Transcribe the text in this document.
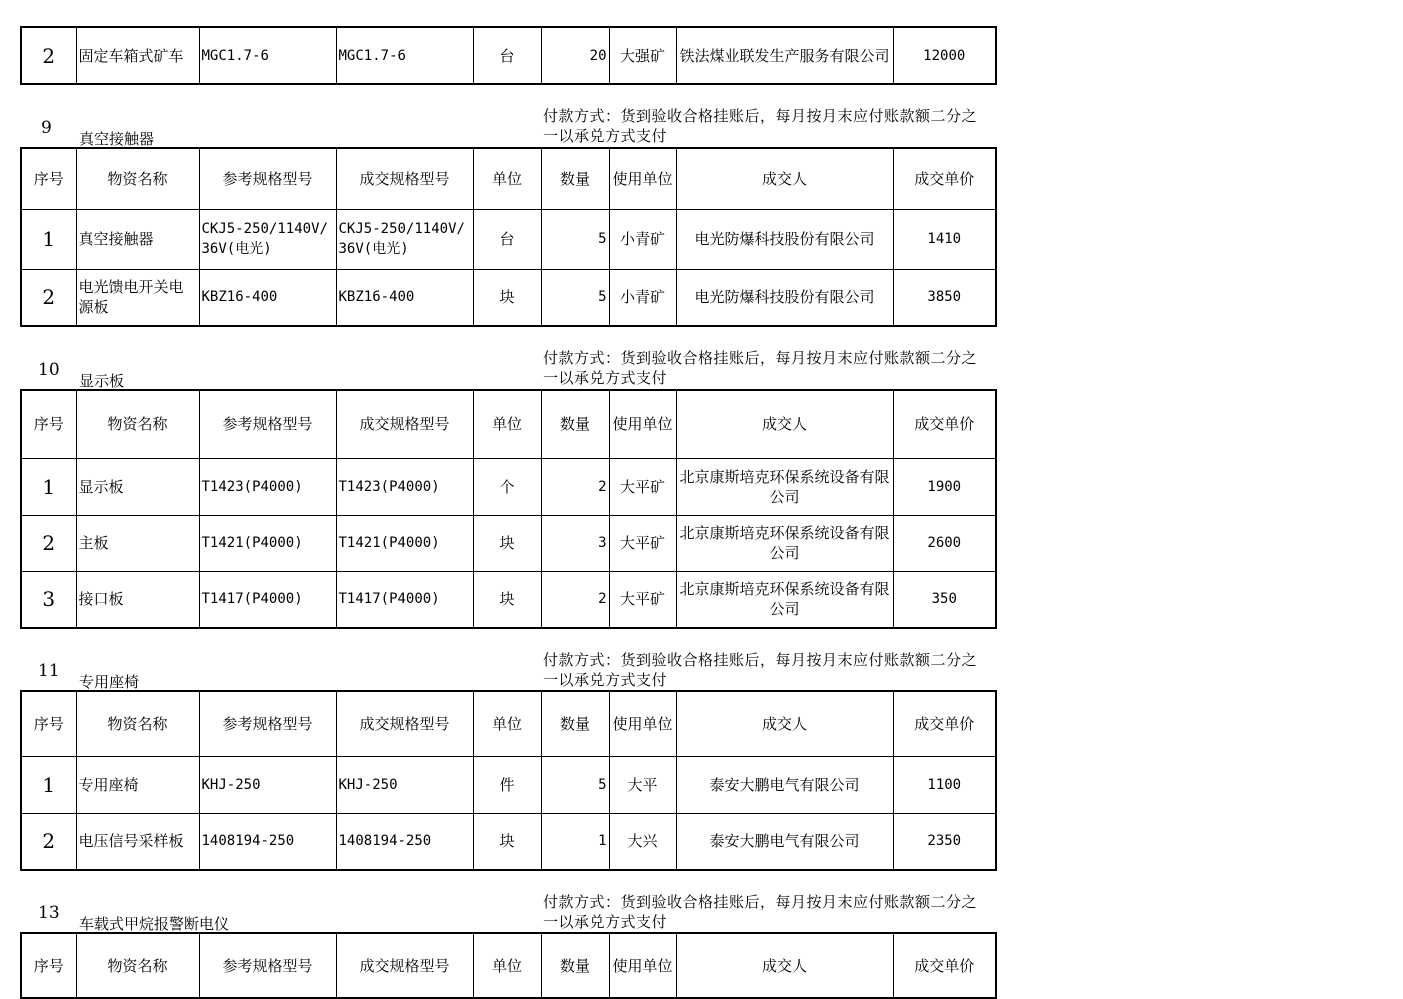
2	固定车箱式矿车	MGC1.7-6	MGC1.7-6	台	20	大强矿	铁法煤业联发生产服务有限公司	12000
9
真空接触器
付款方式：货到验收合格挂账后，每月按月末应付账款额二分之一以承兑方式支付
序号	物资名称	参考规格型号	成交规格型号	单位	数量	使用单位	成交人	成交单价
1	真空接触器	CKJ5-250/1140V/36V(电光)	CKJ5-250/1140V/36V(电光)	台	5	小青矿	电光防爆科技股份有限公司	1410
2	电光馈电开关电源板	KBZ16-400	KBZ16-400	块	5	小青矿	电光防爆科技股份有限公司	3850
10
显示板
付款方式：货到验收合格挂账后，每月按月末应付账款额二分之一以承兑方式支付
序号	物资名称	参考规格型号	成交规格型号	单位	数量	使用单位	成交人	成交单价
1	显示板	T1423(P4000)	T1423(P4000)	个	2	大平矿	北京康斯培克环保系统设备有限公司	1900
2	主板	T1421(P4000)	T1421(P4000)	块	3	大平矿	北京康斯培克环保系统设备有限公司	2600
3	接口板	T1417(P4000)	T1417(P4000)	块	2	大平矿	北京康斯培克环保系统设备有限公司	350
11
专用座椅
付款方式：货到验收合格挂账后，每月按月末应付账款额二分之一以承兑方式支付
序号	物资名称	参考规格型号	成交规格型号	单位	数量	使用单位	成交人	成交单价
1	专用座椅	KHJ-250	KHJ-250	件	5	大平	泰安大鹏电气有限公司	1100
2	电压信号采样板	1408194-250	1408194-250	块	1	大兴	泰安大鹏电气有限公司	2350
13
车载式甲烷报警断电仪
付款方式：货到验收合格挂账后，每月按月末应付账款额二分之一以承兑方式支付
序号	物资名称	参考规格型号	成交规格型号	单位	数量	使用单位	成交人	成交单价
